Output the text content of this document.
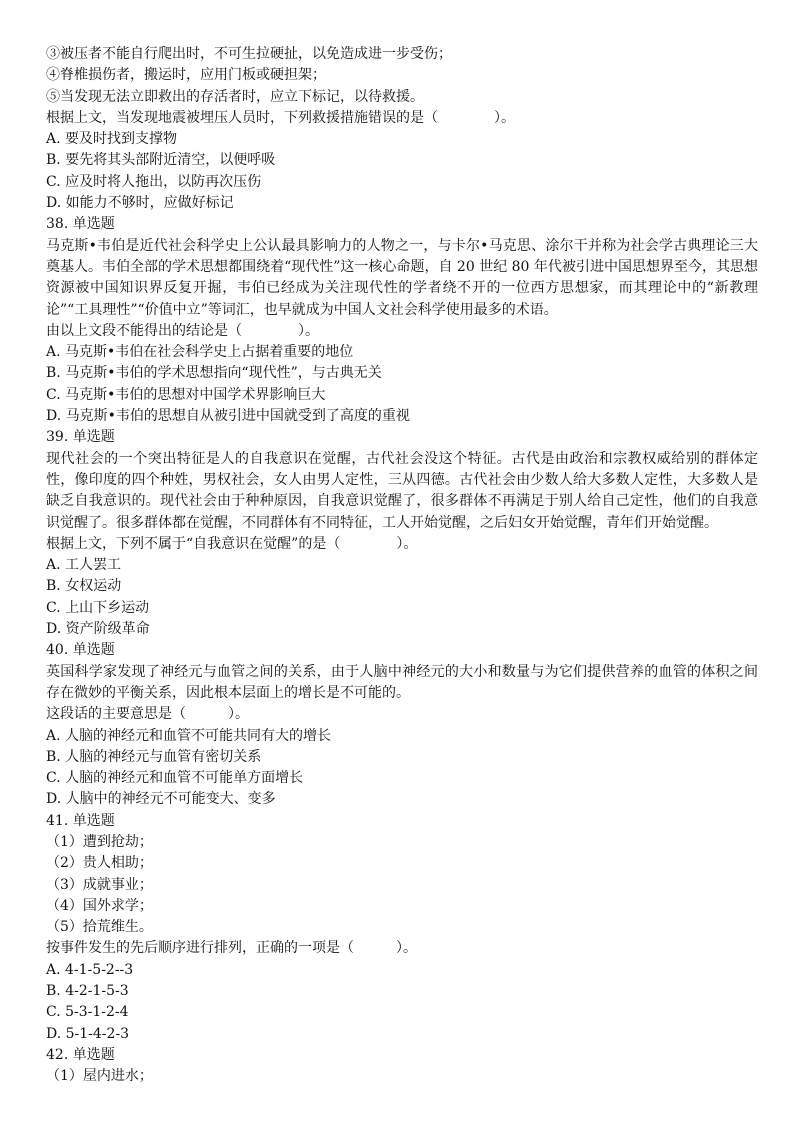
③被压者不能自行爬出时，不可生拉硬扯，以免造成进一步受伤；

④脊椎损伤者，搬运时，应用门板或硬担架；

⑤当发现无法立即救出的存活者时，应立下标记，以待救援。

根据上文，当发现地震被埋压人员时，下列救援措施错误的是（　　　　）。

A. 要及时找到支撑物

B. 要先将其头部附近清空，以便呼吸

C. 应及时将人拖出，以防再次压伤

D. 如能力不够时，应做好标记

38. 单选题

马克斯•韦伯是近代社会科学史上公认最具影响力的人物之一，与卡尔•马克思、涂尔干并称为社会学古典理论三大奠基人。韦伯全部的学术思想都围绕着“现代性”这一核心命题，自 20 世纪 80 年代被引进中国思想界至今，其思想资源被中国知识界反复开掘，韦伯已经成为关注现代性的学者绕不开的一位西方思想家，而其理论中的“新教理论”“工具理性”“价值中立”等词汇，也早就成为中国人文社会科学使用最多的术语。

由以上文段不能得出的结论是（　　　　）。

A. 马克斯•韦伯在社会科学史上占据着重要的地位

B. 马克斯•韦伯的学术思想指向“现代性”，与古典无关

C. 马克斯•韦伯的思想对中国学术界影响巨大

D. 马克斯•韦伯的思想自从被引进中国就受到了高度的重视

39. 单选题

现代社会的一个突出特征是人的自我意识在觉醒，古代社会没这个特征。古代是由政治和宗教权威给别的群体定性，像印度的四个种姓，男权社会，女人由男人定性，三从四德。古代社会由少数人给大多数人定性，大多数人是缺乏自我意识的。现代社会由于种种原因，自我意识觉醒了，很多群体不再满足于别人给自己定性，他们的自我意识觉醒了。很多群体都在觉醒，不同群体有不同特征，工人开始觉醒，之后妇女开始觉醒，青年们开始觉醒。

根据上文，下列不属于“自我意识在觉醒”的是（　　　　）。

A. 工人罢工

B. 女权运动

C. 上山下乡运动

D. 资产阶级革命

40. 单选题

英国科学家发现了神经元与血管之间的关系，由于人脑中神经元的大小和数量与为它们提供营养的血管的体积之间存在微妙的平衡关系，因此根本层面上的增长是不可能的。

这段话的主要意思是（　　　）。

A. 人脑的神经元和血管不可能共同有大的增长

B. 人脑的神经元与血管有密切关系

C. 人脑的神经元和血管不可能单方面增长

D. 人脑中的神经元不可能变大、变多

41. 单选题

（1）遭到抢劫；

（2）贵人相助；

（3）成就事业；

（4）国外求学；

（5）拾荒维生。

按事件发生的先后顺序进行排列，正确的一项是（　　　）。

A. 4-1-5-2--3

B. 4-2-1-5-3

C. 5-3-1-2-4

D. 5-1-4-2-3

42. 单选题

（1）屋内进水；
